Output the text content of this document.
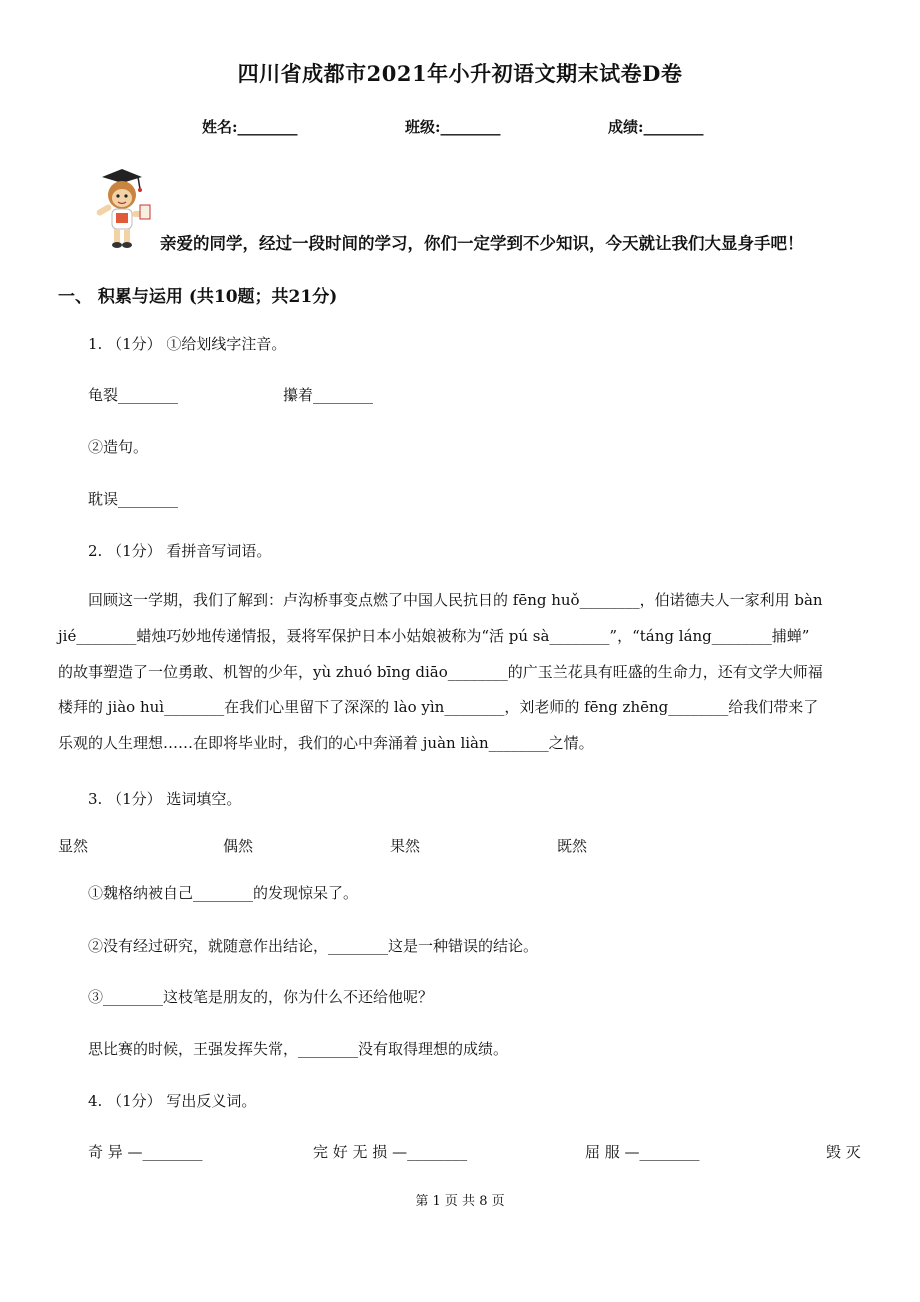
四川省成都市2021年小升初语文期末试卷D卷
姓名:________	班级:________	成绩:________
亲爱的同学，经过一段时间的学习，你们一定学到不少知识，今天就让我们大显身手吧！
一、 积累与运用 (共10题；共21分)
1. （1分） ①给划线字注音。
龟裂________	攥着________
②造句。
耽误________
2. （1分） 看拼音写词语。
回顾这一学期，我们了解到：卢沟桥事变点燃了中国人民抗日的 fēng huǒ________，伯诺德夫人一家利用 bàn
jié________蜡烛巧妙地传递情报，聂将军保护日本小姑娘被称为“活 pú sà________”，“táng láng________捕蝉”
的故事塑造了一位勇敢、机智的少年，yù zhuó bīng diāo________的广玉兰花具有旺盛的生命力，还有文学大师福
楼拜的 jiào huì________在我们心里留下了深深的 lào yìn________，刘老师的 fēng zhēng________给我们带来了
乐观的人生理想……在即将毕业时，我们的心中奔涌着 juàn liàn________之情。
3. （1分） 选词填空。
显然	偶然	果然	既然
①魏格纳被自己________的发现惊呆了。
②没有经过研究，就随意作出结论，________这是一种错误的结论。
③________这枝笔是朋友的，你为什么不还给他呢？
思比赛的时候，王强发挥失常，________没有取得理想的成绩。
4. （1分） 写出反义词。
奇 异 —________	完 好 无 损 —________	屈 服 —________	毁 灭
第 1 页 共 8 页
